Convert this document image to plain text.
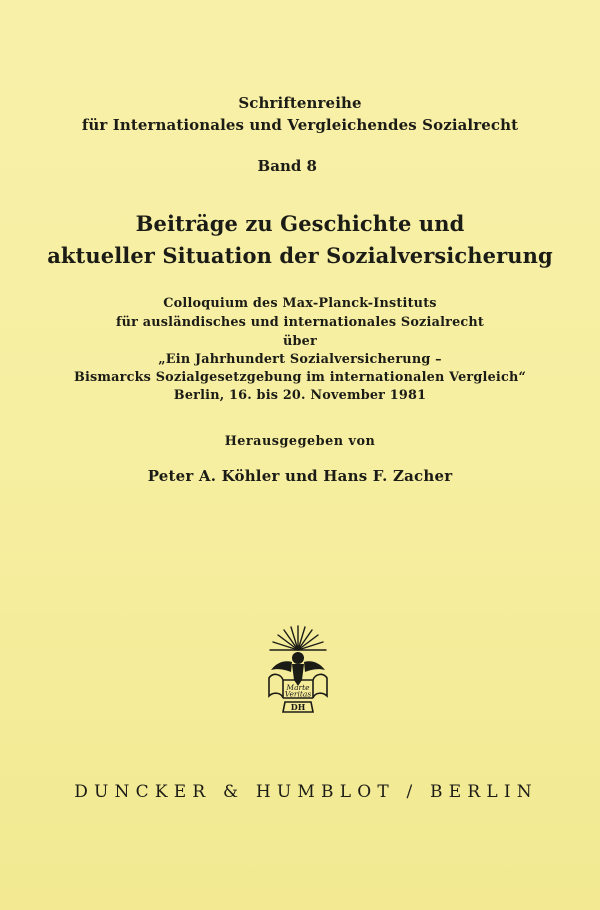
Schriftenreihe
für Internationales und Vergleichendes Sozialrecht
Band 8
Beiträge zu Geschichte und
aktueller Situation der Sozialversicherung
Colloquium des Max-Planck-Instituts
für ausländisches und internationales Sozialrecht
über
„Ein Jahrhundert Sozialversicherung –
Bismarcks Sozialgesetzgebung im internationalen Vergleich“
Berlin, 16. bis 20. November 1981
Herausgegeben von
Peter A. Köhler und Hans F. Zacher
Marte
Veritas
DH
DUNCKER & HUMBLOT / BERLIN
